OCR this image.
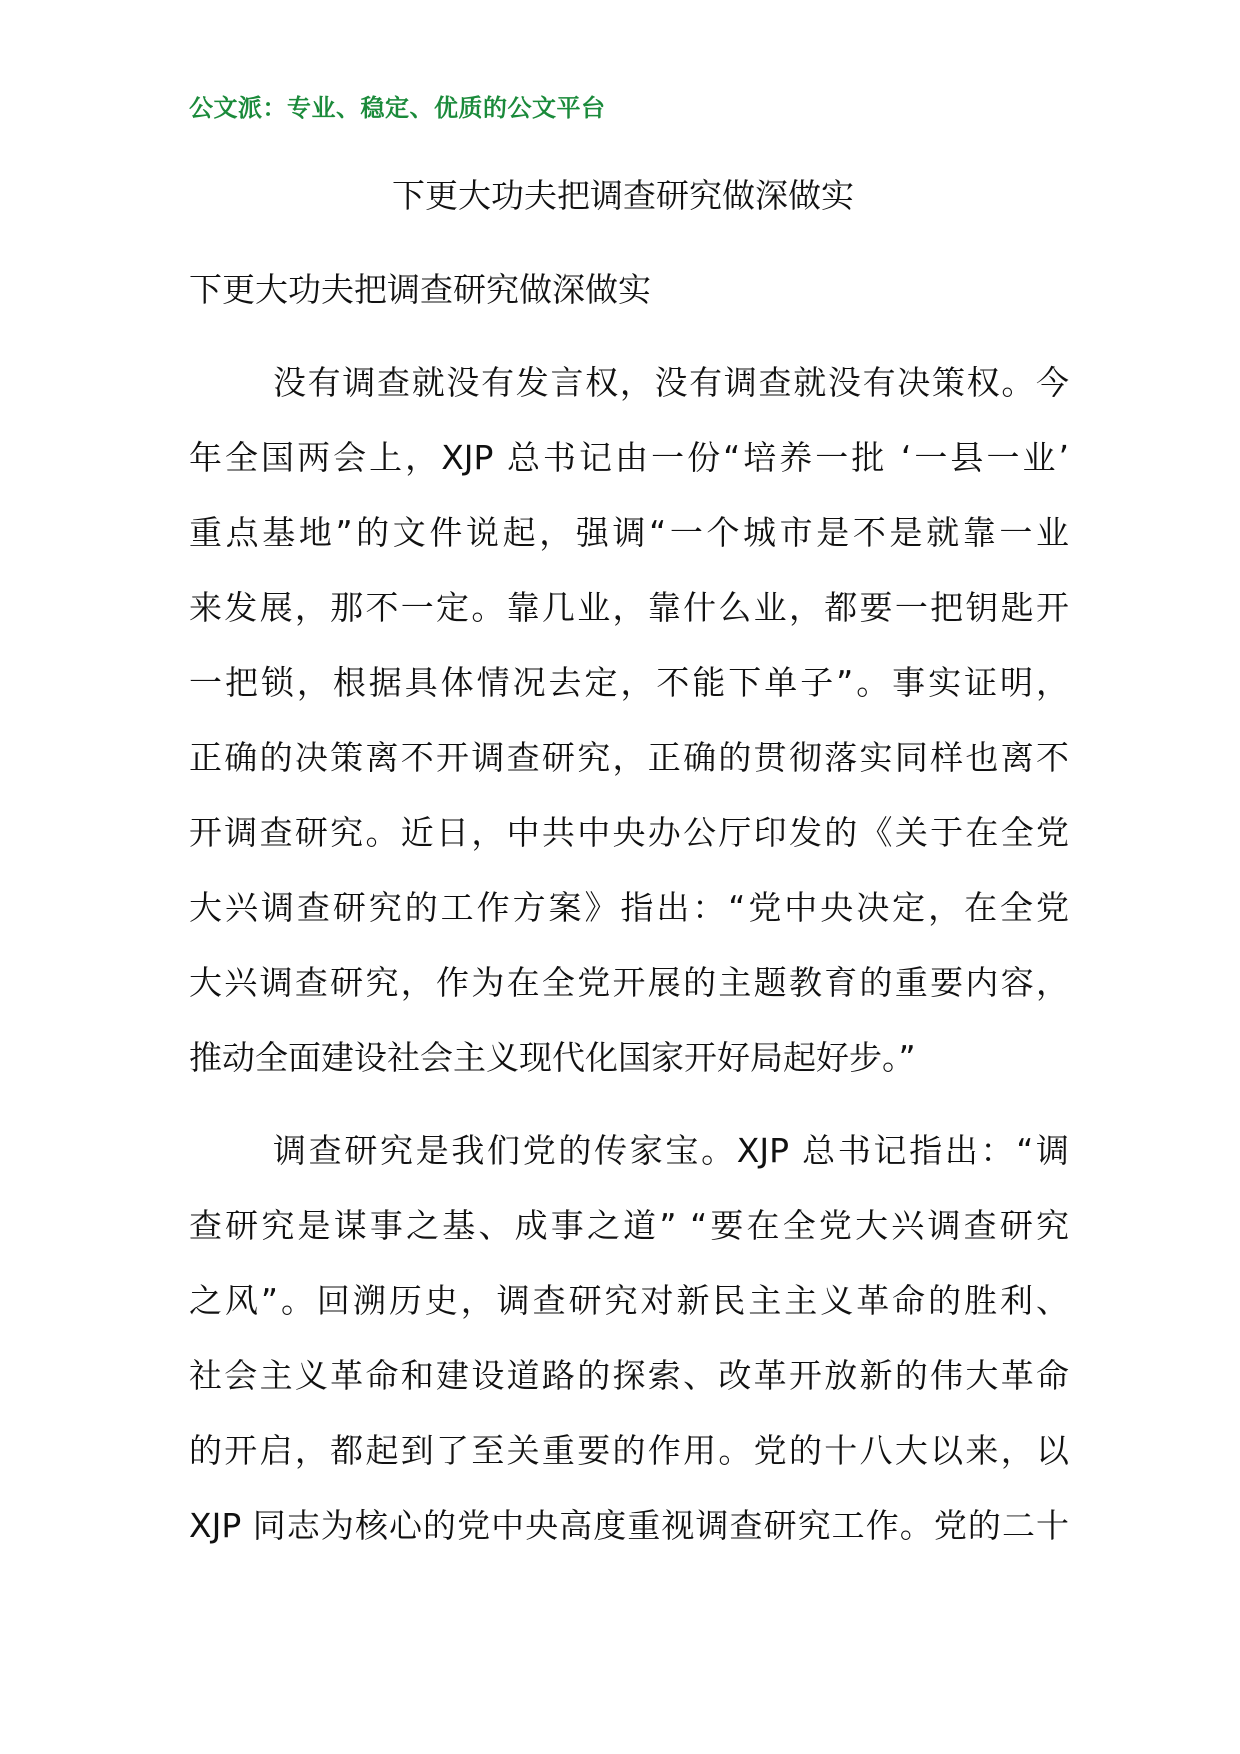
公文派：专业、稳定、优质的公文平台
下更大功夫把调查研究做深做实
下更大功夫把调查研究做深做实
没有调查就没有发言权，没有调查就没有决策权。今
年全国两会上，XJP 总书记由一份“培养一批 ‘一县一业’
重点基地”的文件说起，强调“一个城市是不是就靠一业
来发展，那不一定。靠几业，靠什么业，都要一把钥匙开
一把锁，根据具体情况去定，不能下单子”。事实证明，
正确的决策离不开调查研究，正确的贯彻落实同样也离不
开调查研究。近日，中共中央办公厅印发的《关于在全党
大兴调查研究的工作方案》指出：“党中央决定，在全党
大兴调查研究，作为在全党开展的主题教育的重要内容，
推动全面建设社会主义现代化国家开好局起好步。”
调查研究是我们党的传家宝。XJP 总书记指出：“调
查研究是谋事之基、成事之道” “要在全党大兴调查研究
之风”。回溯历史，调查研究对新民主主义革命的胜利、
社会主义革命和建设道路的探索、改革开放新的伟大革命
的开启，都起到了至关重要的作用。党的十八大以来，以
XJP 同志为核心的党中央高度重视调查研究工作。党的二十
